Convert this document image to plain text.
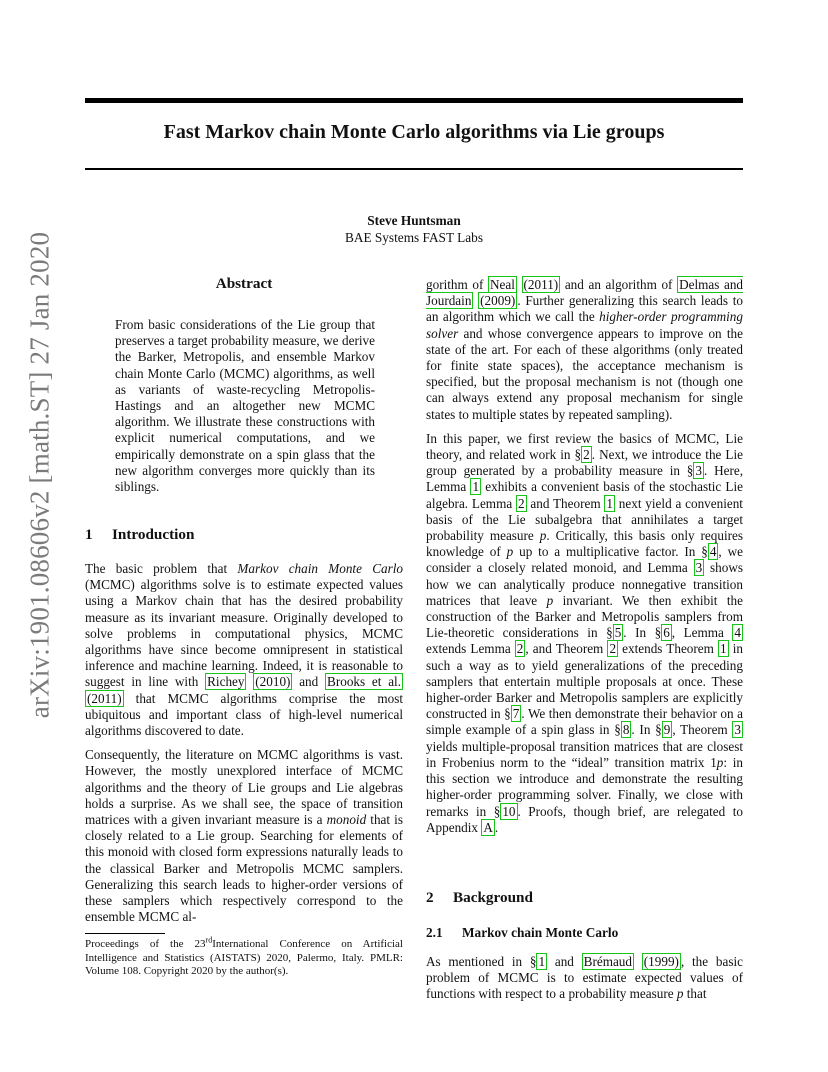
Fast Markov chain Monte Carlo algorithms via Lie groups
Steve Huntsman
BAE Systems FAST Labs
arXiv:1901.08606v2 [math.ST] 27 Jan 2020	Abstract
From basic considerations of the Lie group that preserves a target probability measure, we derive the Barker, Metropolis, and ensemble Markov chain Monte Carlo (MCMC) algorithms, as well as variants of waste-recycling Metropolis-Hastings and an altogether new MCMC algorithm. We illustrate these constructions with explicit numerical computations, and we empirically demonstrate on a spin glass that the new algorithm converges more quickly than its siblings.
1 Introduction

The basic problem that Markov chain Monte Carlo (MCMC) algorithms solve is to estimate expected values using a Markov chain that has the desired probability measure as its invariant measure. Originally developed to solve problems in computational physics, MCMC algorithms have since become omnipresent in statistical inference and machine learning. Indeed, it is reasonable to suggest in line with Richey (2010) and Brooks et al. (2011) that MCMC algorithms comprise the most ubiquitous and important class of high-level numerical algorithms discovered to date.

Consequently, the literature on MCMC algorithms is vast. However, the mostly unexplored interface of MCMC algorithms and the theory of Lie groups and Lie algebras holds a surprise. As we shall see, the space of transition matrices with a given invariant measure is a monoid that is closely related to a Lie group. Searching for elements of this monoid with closed form expressions naturally leads to the classical Barker and Metropolis MCMC samplers. Generalizing this search leads to higher-order versions of these samplers which respectively correspond to the ensemble MCMC al-

Proceedings of the 23rdInternational Conference on Artificial Intelligence and Statistics (AISTATS) 2020, Palermo, Italy. PMLR: Volume 108. Copyright 2020 by the author(s).

gorithm of Neal (2011) and an algorithm of Delmas and Jourdain (2009) . Further generalizing this search leads to an algorithm which we call the higher-order programming solver and whose convergence appears to improve on the state of the art. For each of these algorithms (only treated for finite state spaces), the acceptance mechanism is specified, but the proposal mechanism is not (though one can always extend any proposal mechanism for single states to multiple states by repeated sampling).

In this paper, we first review the basics of MCMC, Lie theory, and related work in § 2 . Next, we introduce the Lie group generated by a probability measure in § 3 . Here, Lemma 1 exhibits a convenient basis of the stochastic Lie algebra. Lemma 2 and Theorem 1 next yield a convenient basis of the Lie subalgebra that annihilates a target probability measure p. Critically, this basis only requires knowledge of p up to a multiplicative factor. In § 4 , we consider a closely related monoid, and Lemma 3 shows how we can analytically produce nonnegative transition matrices that leave p invariant. We then exhibit the construction of the Barker and Metropolis samplers from Lie-theoretic considerations in § 5 . In § 6 , Lemma 4 extends Lemma 2 , and Theorem 2 extends Theorem 1 in such a way as to yield generalizations of the preceding samplers that entertain multiple proposals at once. These higher-order Barker and Metropolis samplers are explicitly constructed in § 7 . We then demonstrate their behavior on a simple example of a spin glass in § 8 . In § 9 , Theorem 3 yields multiple-proposal transition matrices that are closest in Frobenius norm to the “ideal” transition matrix 1p: in this section we introduce and demonstrate the resulting higher-order programming solver. Finally, we close with remarks in § 10 . Proofs, though brief, are relegated to Appendix A .

2 Background
2.1 Markov chain Monte Carlo

As mentioned in § 1 and Brémaud (1999) , the basic problem of MCMC is to estimate expected values of functions with respect to a probability measure p that
